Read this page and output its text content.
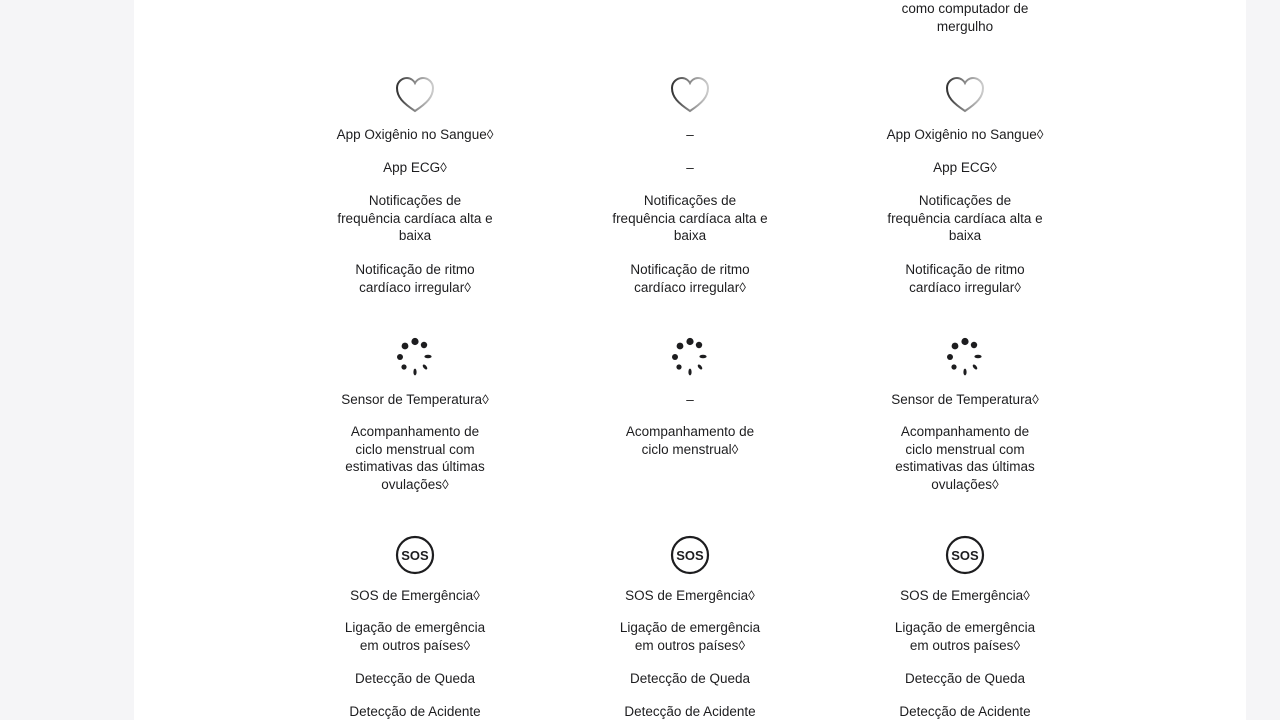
App Oxigênio no Sangue◊
App ECG◊
Notificações de
frequência cardíaca alta e
baixa
Notificação de ritmo
cardíaco irregular◊
Sensor de Temperatura◊
Acompanhamento de
ciclo menstrual com
estimativas das últimas
ovulações◊
SOS
SOS de Emergência◊
Ligação de emergência
em outros países◊
Detecção de Queda
Detecção de Acidente
–
–
Notificações de
frequência cardíaca alta e
baixa
Notificação de ritmo
cardíaco irregular◊
–
Acompanhamento de
ciclo menstrual◊
SOS
SOS de Emergência◊
Ligação de emergência
em outros países◊
Detecção de Queda
Detecção de Acidente
como computador de
mergulho
App Oxigênio no Sangue◊
App ECG◊
Notificações de
frequência cardíaca alta e
baixa
Notificação de ritmo
cardíaco irregular◊
Sensor de Temperatura◊
Acompanhamento de
ciclo menstrual com
estimativas das últimas
ovulações◊
SOS
SOS de Emergência◊
Ligação de emergência
em outros países◊
Detecção de Queda
Detecção de Acidente
